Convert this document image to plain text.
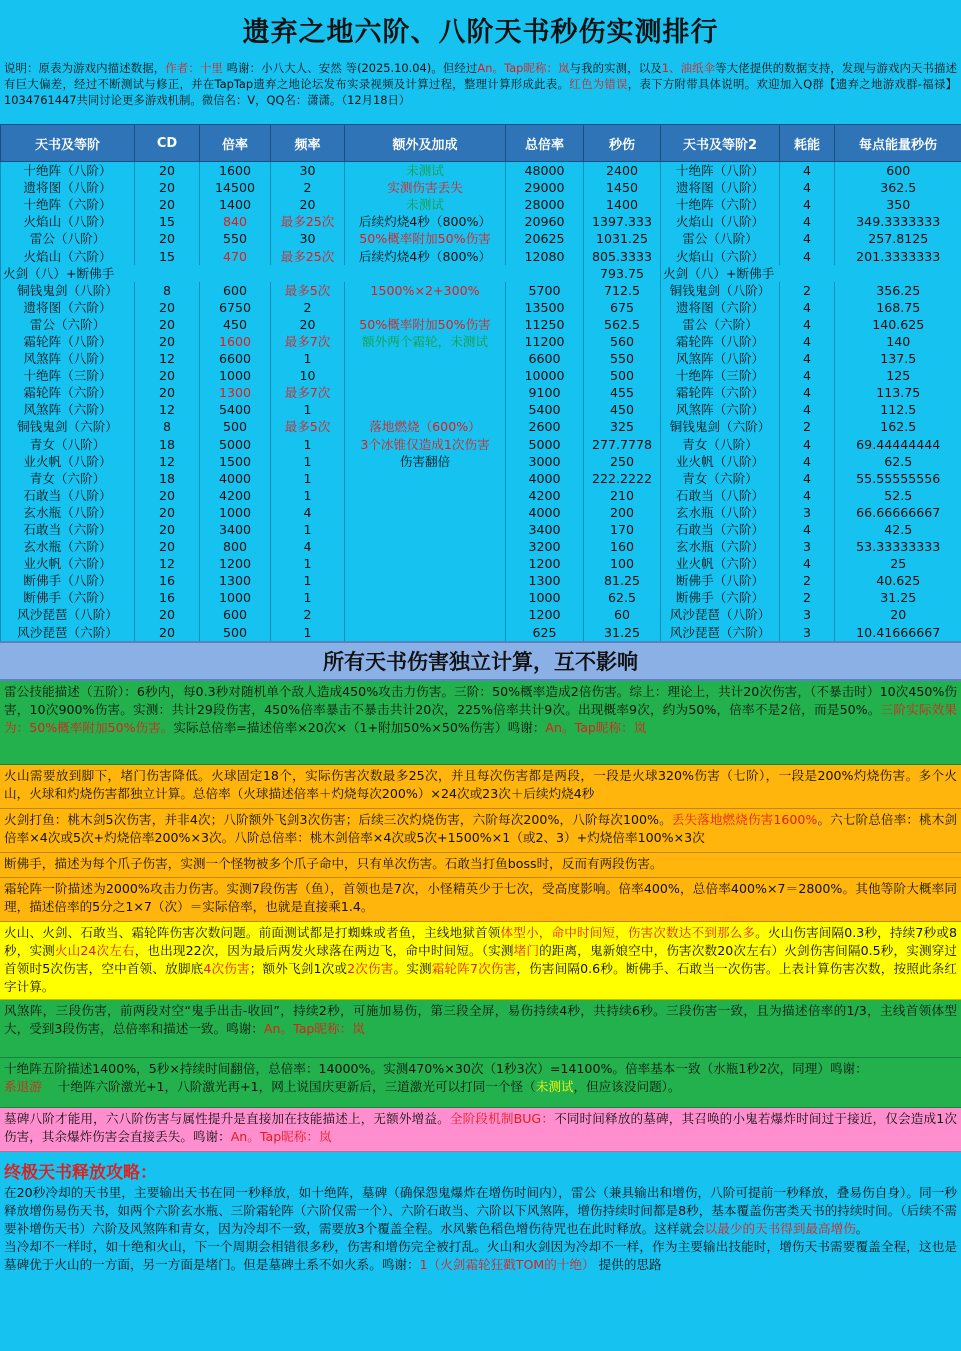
遗弃之地六阶、八阶天书秒伤实测排行
说明：原表为游戏内描述数据，作者：十里 鸣谢：小八大人、安然 等(2025.10.04)。但经过An。Tap昵称：岚与我的实测，以及1、油纸伞等大佬提供的数据支持，发现与游戏内天书描述有巨大偏差，经过不断测试与修正，并在TapTap遗弃之地论坛发布实录视频及计算过程，整理计算形成此表。红色为错误，表下方附带具体说明。欢迎加入Q群【遗弃之地游戏群-福禄】1034761447共同讨论更多游戏机制。微信名：V，QQ名：潇潇。（12月18日）
天书及等阶	CD	倍率	频率	额外及加成	总倍率	秒伤	天书及等阶2	耗能	每点能量秒伤
十绝阵（八阶）	20	1600	30	未测试	48000	2400	十绝阵（八阶）	4	600
遗将图（八阶）	20	14500	2	实测伤害丢失	29000	1450	遗将图（八阶）	4	362.5
十绝阵（六阶）	20	1400	20	未测试	28000	1400	十绝阵（六阶）	4	350
火焰山（八阶）	15	840	最多25次	后续灼烧4秒（800%）	20960	1397.333	火焰山（八阶）	4	349.3333333
雷公（八阶）	20	550	30	50%概率附加50%伤害	20625	1031.25	雷公（八阶）	4	257.8125
火焰山（六阶）	15	470	最多25次	后续灼烧4秒（800%）	12080	805.3333	火焰山（六阶）	4	201.3333333
火剑（八）+断佛手						793.75	火剑（八）+断佛手		
铜钱鬼剑（八阶）	8	600	最多5次	1500%×2+300%	5700	712.5	铜钱鬼剑（八阶）	2	356.25
遗将图（六阶）	20	6750	2		13500	675	遗将图（六阶）	4	168.75
雷公（六阶）	20	450	20	50%概率附加50%伤害	11250	562.5	雷公（六阶）	4	140.625
霜轮阵（八阶）	20	1600	最多7次	额外两个霜轮，未测试	11200	560	霜轮阵（八阶）	4	140
风煞阵（八阶）	12	6600	1		6600	550	风煞阵（八阶）	4	137.5
十绝阵（三阶）	20	1000	10		10000	500	十绝阵（三阶）	4	125
霜轮阵（六阶）	20	1300	最多7次		9100	455	霜轮阵（六阶）	4	113.75
风煞阵（六阶）	12	5400	1		5400	450	风煞阵（六阶）	4	112.5
铜钱鬼剑（六阶）	8	500	最多5次	落地燃烧（600%）	2600	325	铜钱鬼剑（六阶）	2	162.5
青女（八阶）	18	5000	1	3个冰锥仅造成1次伤害	5000	277.7778	青女（八阶）	4	69.44444444
业火帆（八阶）	12	1500	1	伤害翻倍	3000	250	业火帆（八阶）	4	62.5
青女（六阶）	18	4000	1		4000	222.2222	青女（六阶）	4	55.55555556
石敢当（八阶）	20	4200	1		4200	210	石敢当（八阶）	4	52.5
玄水瓶（八阶）	20	1000	4		4000	200	玄水瓶（八阶）	3	66.66666667
石敢当（六阶）	20	3400	1		3400	170	石敢当（六阶）	4	42.5
玄水瓶（六阶）	20	800	4		3200	160	玄水瓶（六阶）	3	53.33333333
业火帆（六阶）	12	1200	1		1200	100	业火帆（六阶）	4	25
断佛手（八阶）	16	1300	1		1300	81.25	断佛手（八阶）	2	40.625
断佛手（六阶）	16	1000	1		1000	62.5	断佛手（六阶）	2	31.25
风沙琵琶（八阶）	20	600	2		1200	60	风沙琵琶（八阶）	3	20
风沙琵琶（六阶）	20	500	1		625	31.25	风沙琵琶（六阶）	3	10.41666667
所有天书伤害独立计算，互不影响
雷公技能描述（五阶）：6秒内，每0.3秒对随机单个敌人造成450%攻击力伤害。三阶：50%概率造成2倍伤害。综上：理论上，共计20次伤害，（不暴击时）10次450%伤害，10次900%伤害。实测：共计29段伤害，450%倍率暴击不暴击共计20次，225%倍率共计9次。出现概率9次，约为50%，倍率不是2倍，而是50%。三阶实际效果为：50%概率附加50%伤害。实际总倍率=描述倍率×20次×（1+附加50%×50%伤害）鸣谢：An。Tap昵称：岚
火山需要放到脚下，堵门伤害降低。火球固定18个，实际伤害次数最多25次，并且每次伤害都是两段，一段是火球320%伤害（七阶），一段是200%灼烧伤害。多个火山，火球和灼烧伤害都独立计算。总倍率（火球描述倍率＋灼烧每次200%）×24次或23次＋后续灼烧4秒
火剑打鱼：桃木剑5次伤害，并非4次；八阶额外飞剑3次伤害；后续三次灼烧伤害，六阶每次200%，八阶每次100%。丢失落地燃烧伤害1600%。六七阶总倍率：桃木剑倍率×4次或5次+灼烧倍率200%×3次。八阶总倍率：桃木剑倍率×4次或5次+1500%×1（或2、3）+灼烧倍率100%×3次
断佛手，描述为每个爪子伤害，实测一个怪物被多个爪子命中，只有单次伤害。石敢当打鱼boss时，反而有两段伤害。
霜轮阵一阶描述为2000%攻击力伤害。实测7段伤害（鱼），首领也是7次，小怪精英少于七次，受高度影响。倍率400%，总倍率400%×7＝2800%。其他等阶大概率同理，描述倍率的5分之1×7（次）＝实际倍率，也就是直接乘1.4。
火山、火剑、石敢当、霜轮阵伤害次数问题。前面测试都是打蜘蛛或者鱼，主线地狱首领体型小，命中时间短，伤害次数达不到那么多。火山伤害间隔0.3秒，持续7秒或8秒，实测火山24次左右，也出现22次，因为最后两发火球落在两边飞，命中时间短。（实测堵门的距离，鬼新娘空中，伤害次数20次左右）火剑伤害间隔0.5秒，实测穿过首领时5次伤害，空中首领、放脚底4次伤害；额外飞剑1次或2次伤害。实测霜轮阵7次伤害，伤害间隔0.6秒。断佛手、石敢当一次伤害。上表计算伤害次数，按照此条红字计算。
风煞阵，三段伤害，前两段对空“鬼手出击-收回”，持续2秒，可施加易伤，第三段全屏，易伤持续4秒，共持续6秒。三段伤害一致，且为描述倍率的1/3，主线首领体型大，受到3段伤害，总倍率和描述一致。鸣谢：An。Tap昵称：岚
十绝阵五阶描述1400%，5秒×持续时间翻倍，总倍率：14000%。实测470%×30次（1秒3次）=14100%。倍率基本一致（水瓶1秒2次，同理）鸣谢：
系退游 十绝阵六阶激光+1，八阶激光再+1，网上说国庆更新后，三道激光可以打同一个怪（未测试，但应该没问题）。
墓碑八阶才能用，六八阶伤害与属性提升是直接加在技能描述上，无额外增益。全阶段机制BUG：不同时间释放的墓碑，其召唤的小鬼若爆炸时间过于接近，仅会造成1次伤害，其余爆炸伤害会直接丢失。鸣谢：An。Tap昵称：岚
终极天书释放攻略：
在20秒冷却的天书里，主要输出天书在同一秒释放，如十绝阵，墓碑（确保怨鬼爆炸在增伤时间内），雷公（兼具输出和增伤，八阶可提前一秒释放，叠易伤自身）。同一秒释放增伤易伤天书，如两个六阶玄水瓶、三阶霜轮阵（六阶仅需一个）、六阶石敢当、六阶以下风煞阵，增伤持续时间都是8秒，基本覆盖伤害类天书的持续时间。（后续不需要补增伤天书）六阶及风煞阵和青女，因为冷却不一致，需要放3个覆盖全程。水风紫色稻色增伤待咒也在此时释放。这样就会以最少的天书得到最高增伤。
当冷却不一样时，如十绝和火山，下一个周期会相错很多秒，伤害和增伤完全被打乱。火山和火剑因为冷却不一样，作为主要输出技能时，增伤天书需要覆盖全程，这也是墓碑优于火山的一方面，另一方面是堵门。但是墓碑土系不如火系。鸣谢：1（火剑霜轮狂戳TOM的十绝） 提供的思路
